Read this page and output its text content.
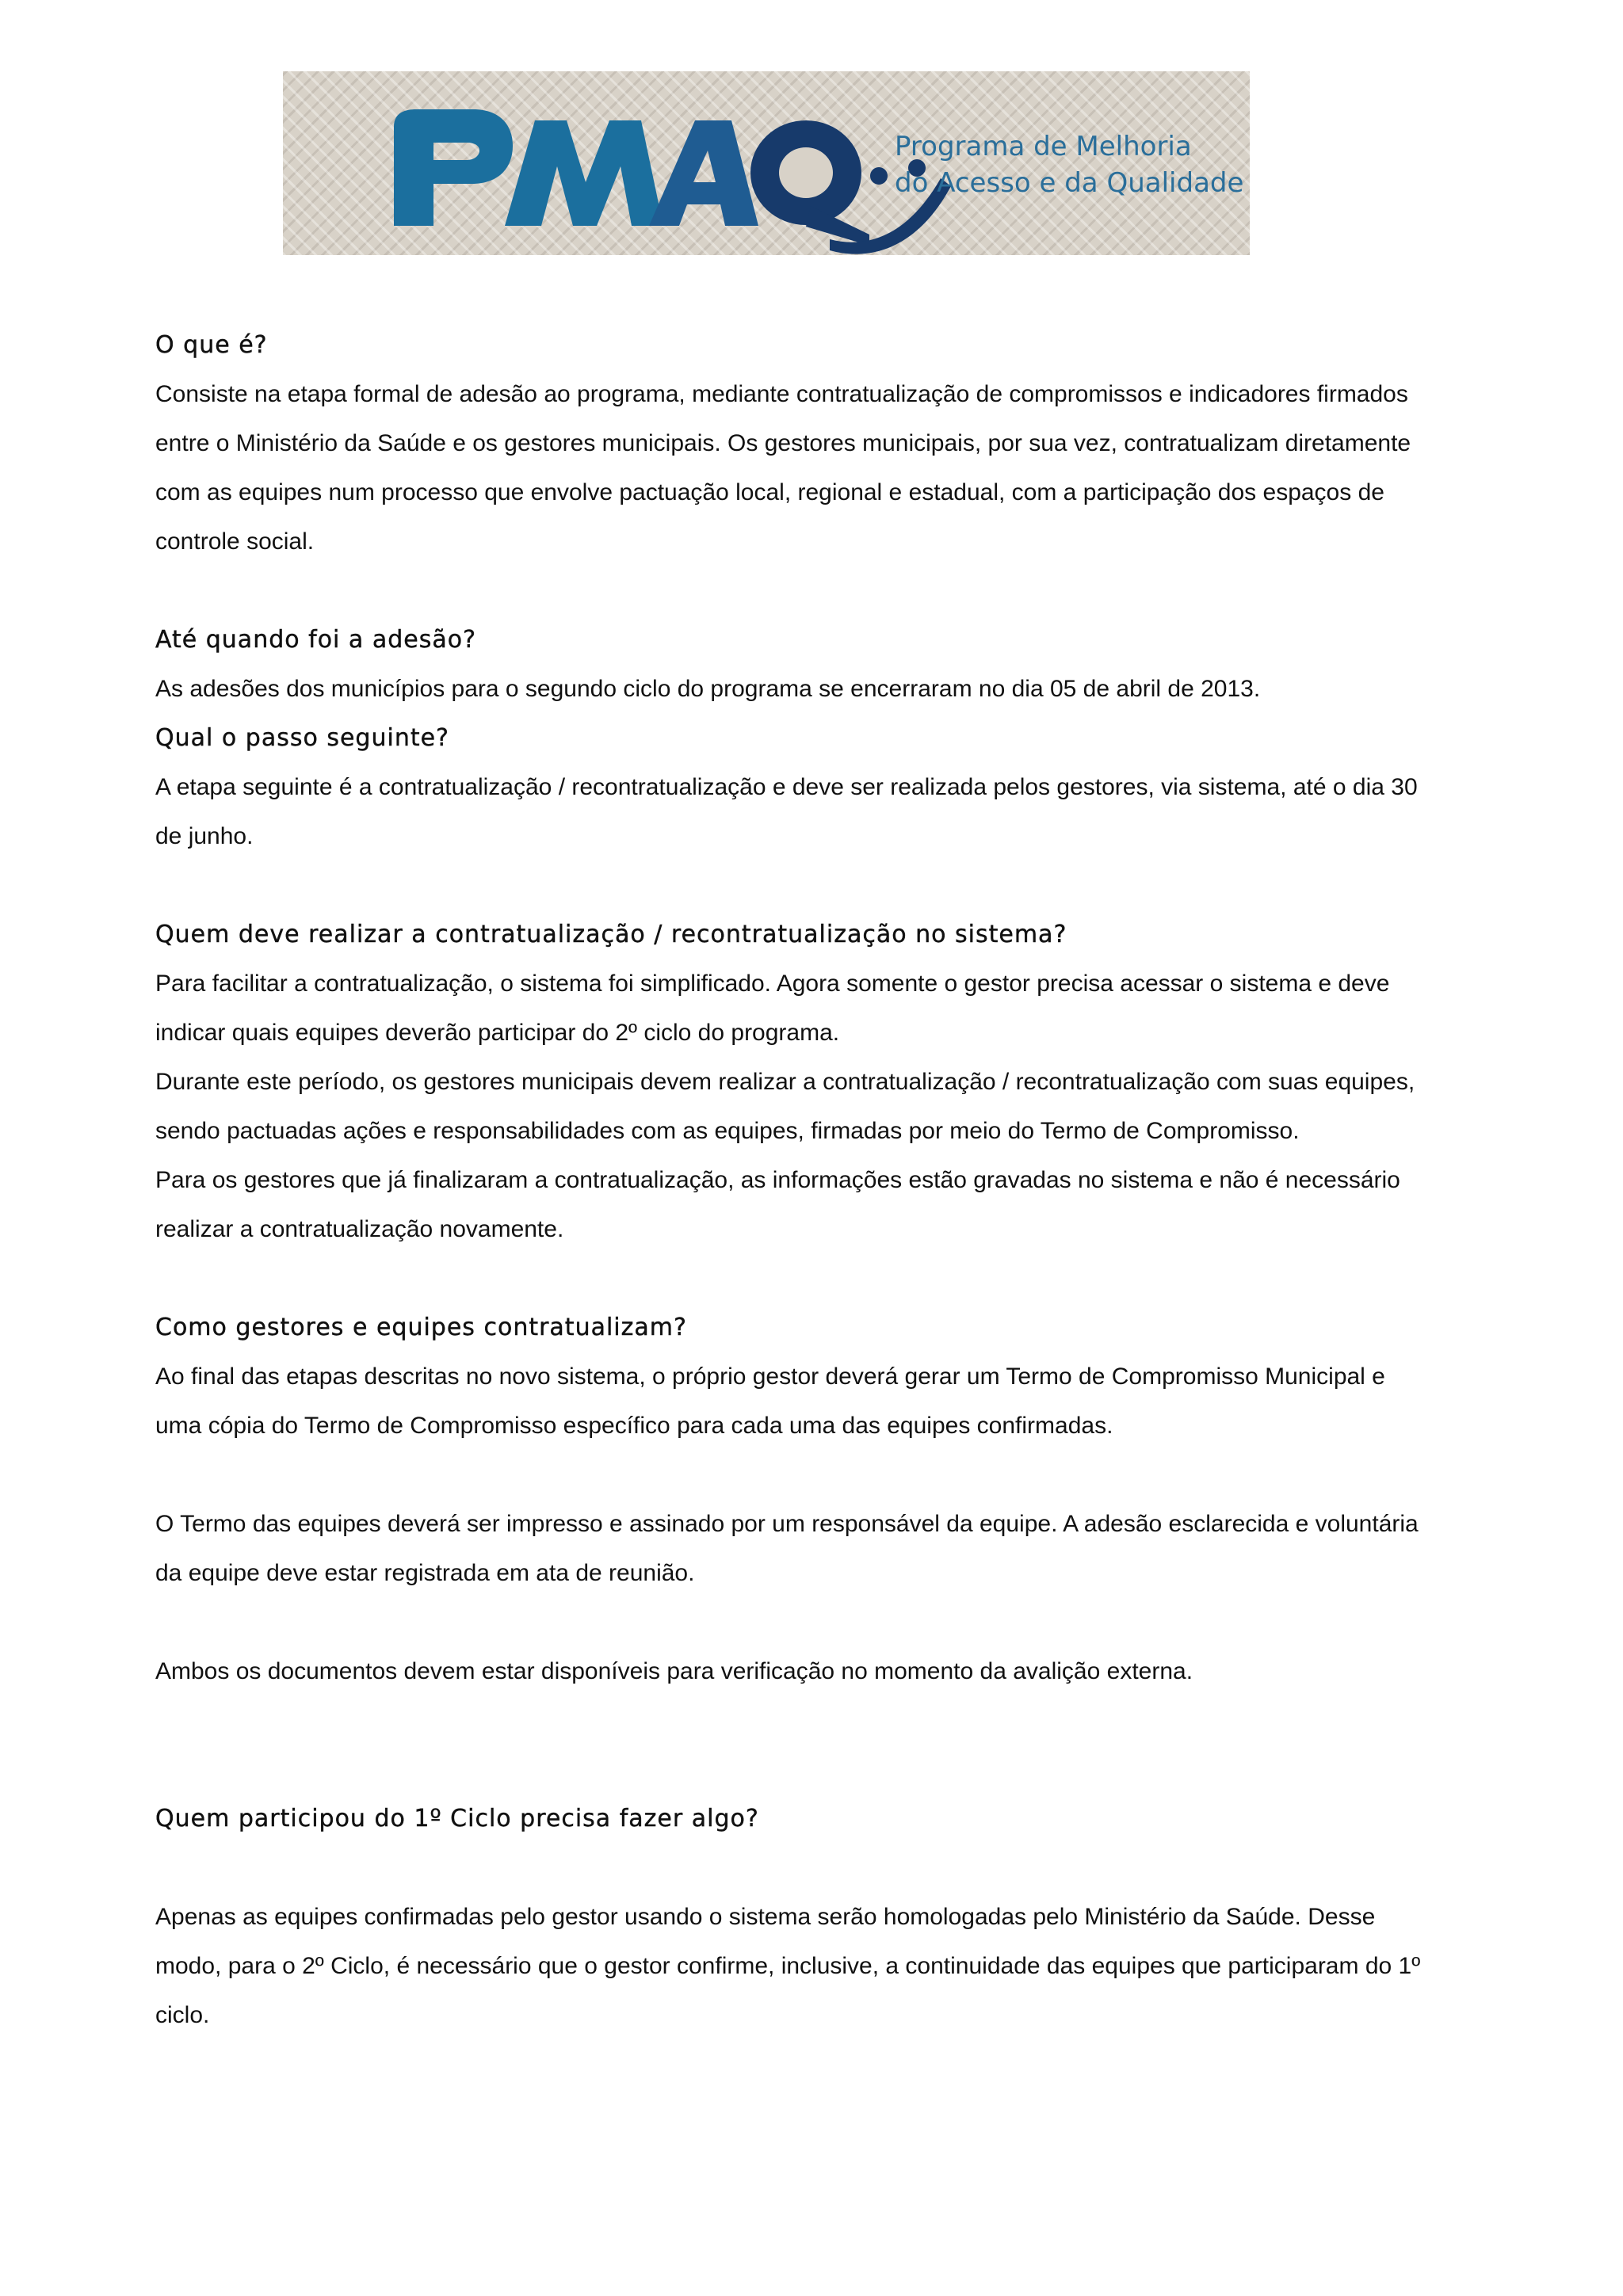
Programa de Melhoria
do Acesso e da Qualidade
O que é?

Consiste na etapa formal de adesão ao programa, mediante contratualização de compromissos e indicadores firmados

entre o Ministério da Saúde e os gestores municipais. Os gestores municipais, por sua vez, contratualizam diretamente

com as equipes num processo que envolve pactuação local, regional e estadual, com a participação dos espaços de

controle social.

Até quando foi a adesão?

As adesões dos municípios para o segundo ciclo do programa se encerraram no dia 05 de abril de 2013.

Qual o passo seguinte?

A etapa seguinte é a contratualização / recontratualização e deve ser realizada pelos gestores, via sistema, até o dia 30

de junho.

Quem deve realizar a contratualização / recontratualização no sistema?

Para facilitar a contratualização, o sistema foi simplificado. Agora somente o gestor precisa acessar o sistema e deve

indicar quais equipes deverão participar do 2º ciclo do programa.

Durante este período, os gestores municipais devem realizar a contratualização / recontratualização com suas equipes,

sendo pactuadas ações e responsabilidades com as equipes, firmadas por meio do Termo de Compromisso.

Para os gestores que já finalizaram a contratualização, as informações estão gravadas no sistema e não é necessário

realizar a contratualização novamente.

Como gestores e equipes contratualizam?

Ao final das etapas descritas no novo sistema, o próprio gestor deverá gerar um Termo de Compromisso Municipal e

uma cópia do Termo de Compromisso específico para cada uma das equipes confirmadas.

O Termo das equipes deverá ser impresso e assinado por um responsável da equipe. A adesão esclarecida e voluntária

da equipe deve estar registrada em ata de reunião.

Ambos os documentos devem estar disponíveis para verificação no momento da avalição externa.

Quem participou do 1º Ciclo precisa fazer algo?

Apenas as equipes confirmadas pelo gestor usando o sistema serão homologadas pelo Ministério da Saúde. Desse

modo, para o 2º Ciclo, é necessário que o gestor confirme, inclusive, a continuidade das equipes que participaram do 1º

ciclo.
